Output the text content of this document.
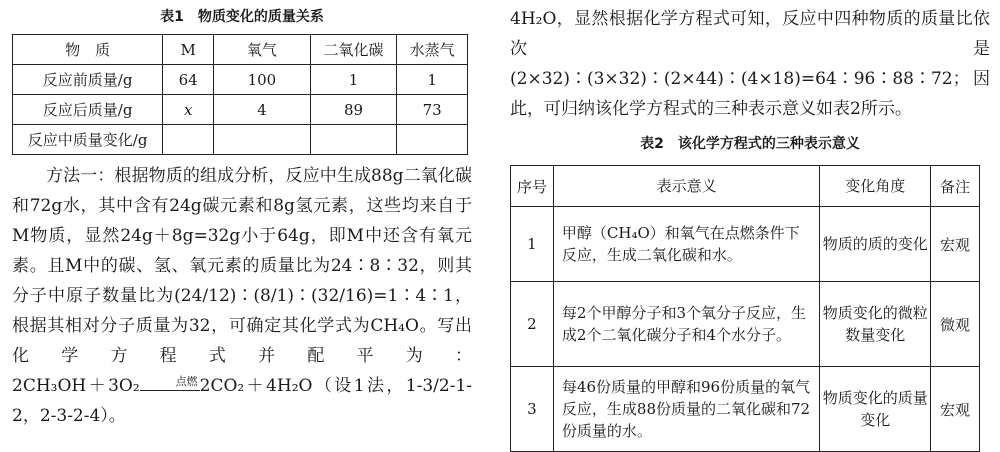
表1　物质变化的质量关系

物　质	M	氧气	二氧化碳	水蒸气
反应前质量/g	64	100	1	1
反应后质量/g	x	4	89	73
反应中质量变化/g				

方法一：根据物质的组成分析，反应中生成88g二氧化碳和72g水，其中含有24g碳元素和8g氢元素，这些均来自于M物质，显然24g＋8g=32g小于64g，即M中还含有氧元素。且M中的碳、氢、氧元素的质量比为24∶8∶32，则其分子中原子数量比为(24/12)∶(8/1)∶(32/16)=1∶4∶1，根据其相对分子质量为32，可确定其化学式为CH₄O。写出化学方程式并配平为：2CH₃OH＋3O₂	点燃 2CO₂＋4H₂O（设1法，1-3/2-1-2，2-3-2-4）。

4H₂O，显然根据化学方程式可知，反应中四种物质的质量比依次是(2×32)∶(3×32)∶(2×44)∶(4×18)=64∶96∶88∶72；因此，可归纳该化学方程式的三种表示意义如表2所示。

表2　该化学方程式的三种表示意义

序号	表示意义	变化角度	备注
1	甲醇（CH₄O）和氧气在点燃条件下反应，生成二氧化碳和水。	物质的质的变化	宏观
2	每2个甲醇分子和3个氧分子反应，生成2个二氧化碳分子和4个水分子。	物质变化的微粒数量变化	微观
3	每46份质量的甲醇和96份质量的氧气反应，生成88份质量的二氧化碳和72份质量的水。	物质变化的质量变化	宏观
